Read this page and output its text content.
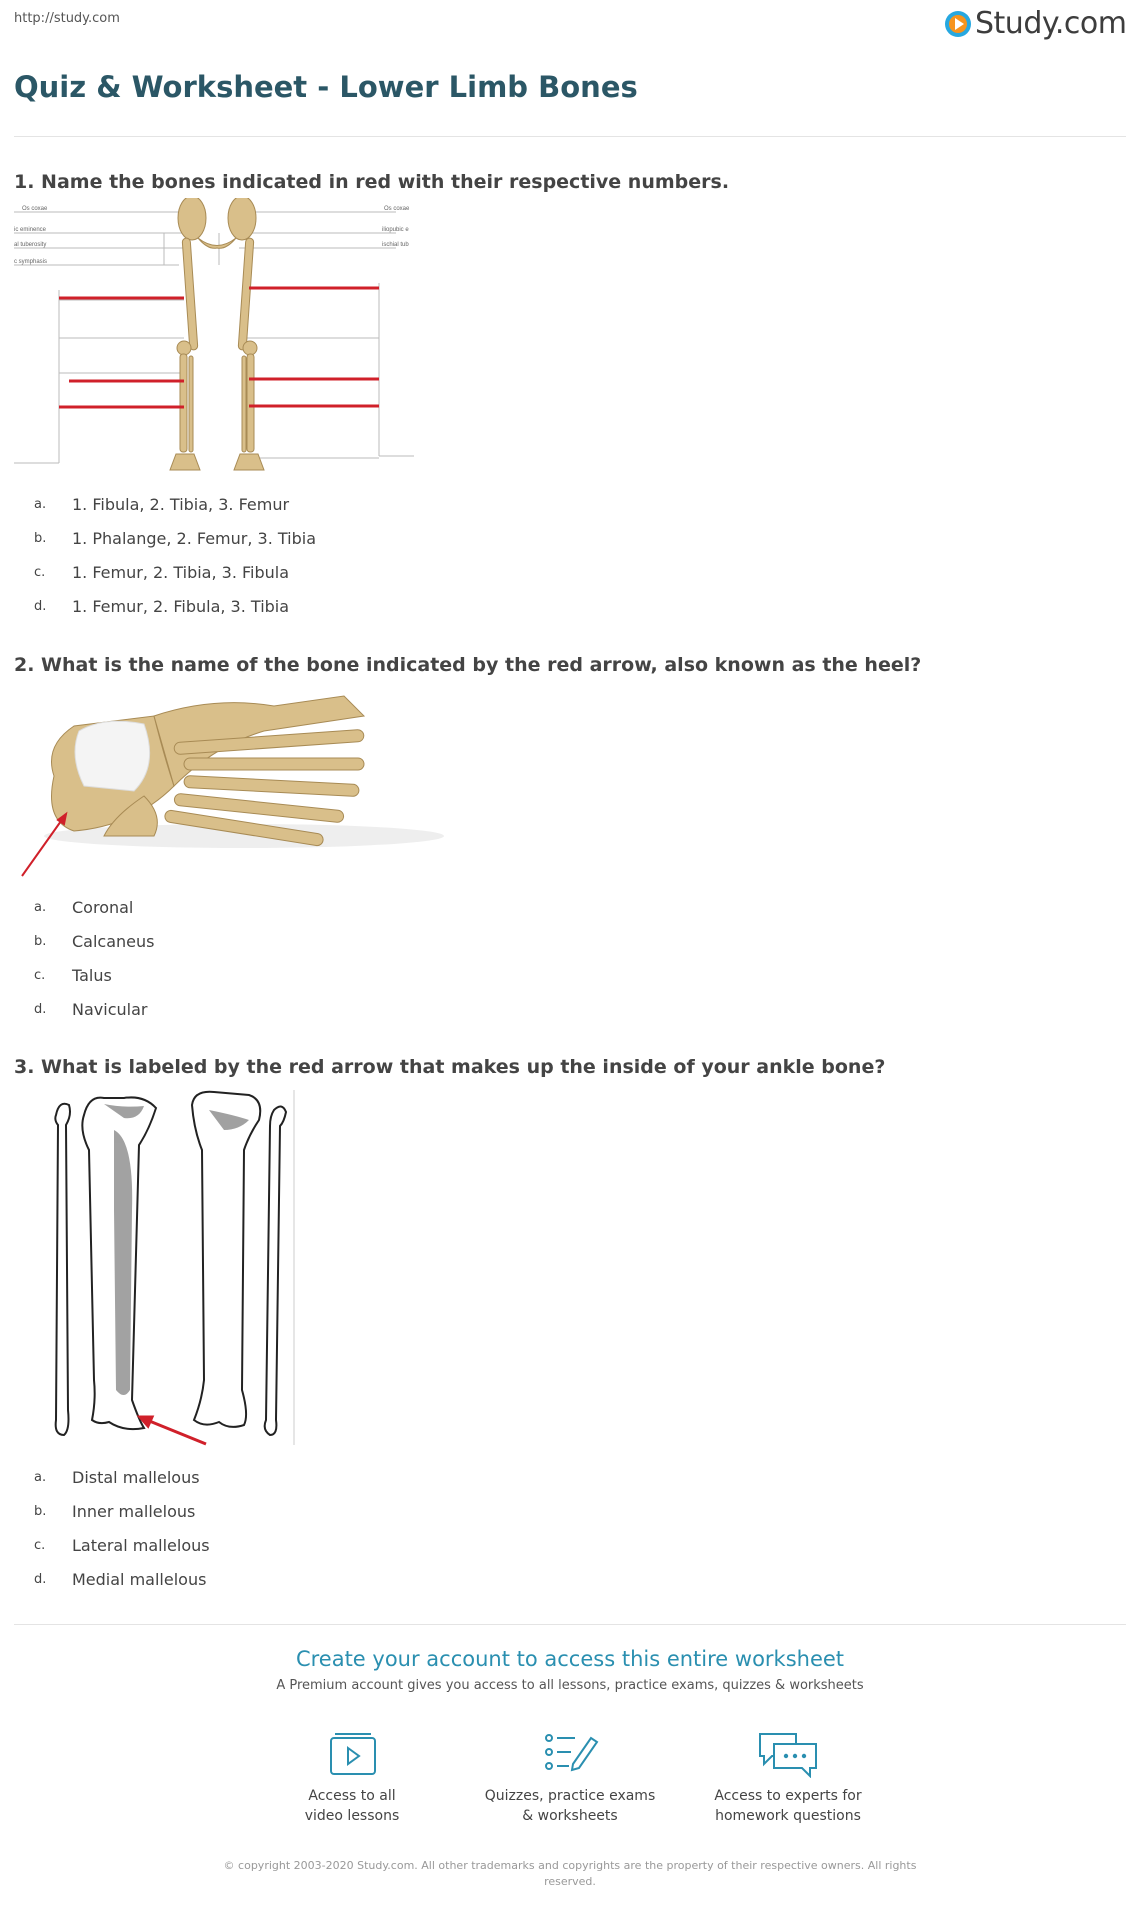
http://study.com	Study.com
Quiz & Worksheet - Lower Limb Bones
1. Name the bones indicated in red with their respective numbers.
Os coxae
ic eminence
al tuberosity
c symphasis
Os coxae
iliopubic e
ischial tub
a.	1. Fibula, 2. Tibia, 3. Femur
b.	1. Phalange, 2. Femur, 3. Tibia
c.	1. Femur, 2. Tibia, 3. Fibula
d.	1. Femur, 2. Fibula, 3. Tibia
2. What is the name of the bone indicated by the red arrow, also known as the heel?
a.	Coronal
b.	Calcaneus
c.	Talus
d.	Navicular
3. What is labeled by the red arrow that makes up the inside of your ankle bone?
a.	Distal mallelous
b.	Inner mallelous
c.	Lateral mallelous
d.	Medial mallelous
Create your account to access this entire worksheet
A Premium account gives you access to all lessons, practice exams, quizzes & worksheets
Access to all
video lessons
Quizzes, practice exams
& worksheets
Access to experts for
homework questions
© copyright 2003-2020 Study.com. All other trademarks and copyrights are the property of their respective owners. All rights reserved.
